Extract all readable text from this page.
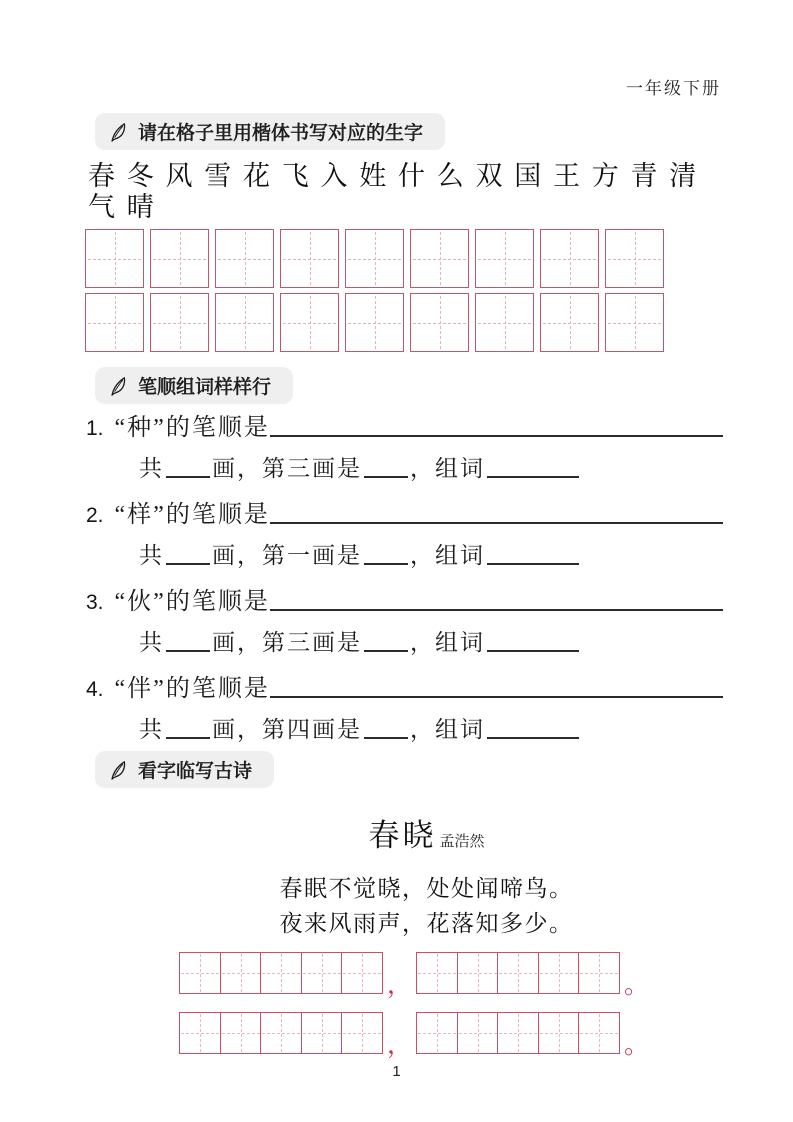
一年级下册
请在格子里用楷体书写对应的生字
春 冬 风 雪 花 飞 入 姓 什 么 双 国 王 方 青 清
气 晴
笔顺组词样样行
1. “种”的笔顺是
共 画，第三画是 ，组词
2. “样”的笔顺是
共 画，第一画是 ，组词
3. “伙”的笔顺是
共 画，第三画是 ，组词
4. “伴”的笔顺是
共 画，第四画是 ，组词
看字临写古诗
春晓 孟浩然
春眠不觉晓，处处闻啼鸟。
夜来风雨声，花落知多少。
，	。
，	。
1
